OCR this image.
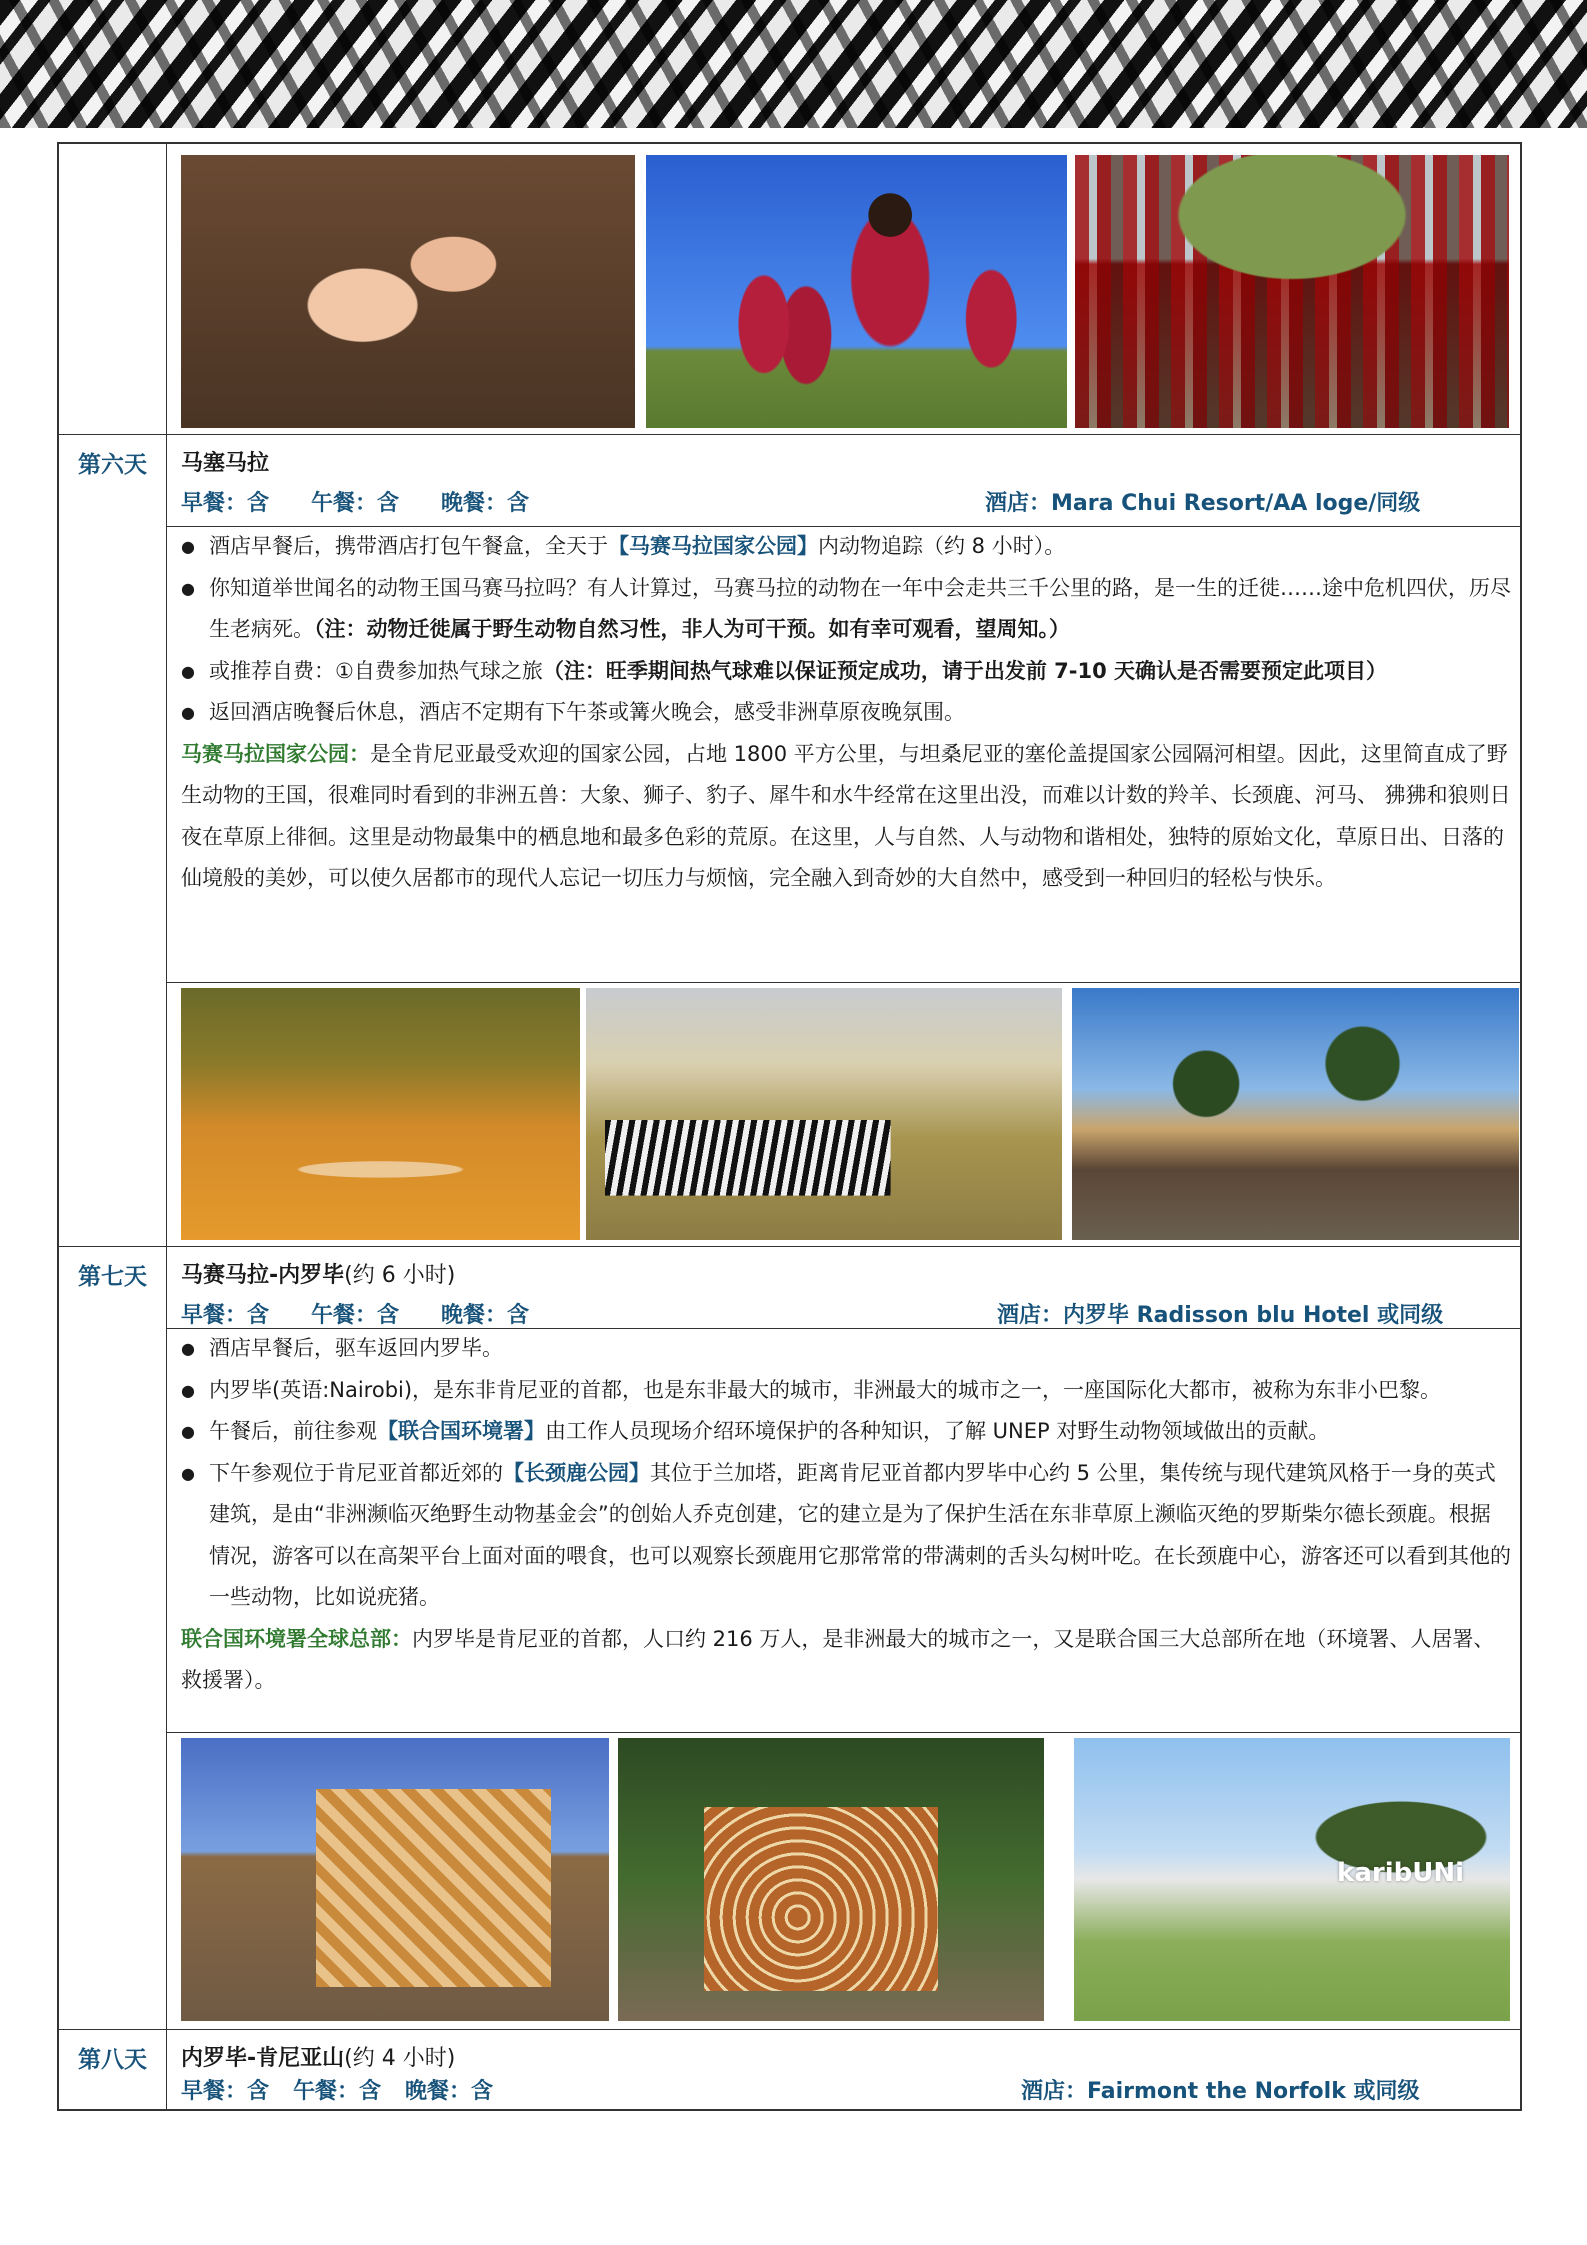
第六天	马塞马拉
早餐：含 午餐：含 晚餐：含	酒店：Mara Chui Resort/AA loge/同级
● 酒店早餐后，携带酒店打包午餐盒，全天于【马赛马拉国家公园】内动物追踪（约 8 小时）。
● 你知道举世闻名的动物王国马赛马拉吗？有人计算过，马赛马拉的动物在一年中会走共三千公里的路，是一生的迁徙……途中危机四伏，历尽生老病死。（注：动物迁徙属于野生动物自然习性，非人为可干预。如有幸可观看，望周知。）
● 或推荐自费：①自费参加热气球之旅（注：旺季期间热气球难以保证预定成功，请于出发前 7-10 天确认是否需要预定此项目）
● 返回酒店晚餐后休息，酒店不定期有下午茶或篝火晚会，感受非洲草原夜晚氛围。
马赛马拉国家公园：是全肯尼亚最受欢迎的国家公园，占地 1800 平方公里，与坦桑尼亚的塞伦盖提国家公园隔河相望。因此，这里简直成了野生动物的王国，很难同时看到的非洲五兽：大象、狮子、豹子、犀牛和水牛经常在这里出没，而难以计数的羚羊、长颈鹿、河马、 狒狒和狼则日夜在草原上徘徊。这里是动物最集中的栖息地和最多色彩的荒原。在这里，人与自然、人与动物和谐相处，独特的原始文化，草原日出、日落的仙境般的美妙，可以使久居都市的现代人忘记一切压力与烦恼，完全融入到奇妙的大自然中，感受到一种回归的轻松与快乐。
第七天	马赛马拉-内罗毕(约 6 小时)
早餐：含 午餐：含 晚餐：含	酒店：内罗毕 Radisson blu Hotel 或同级
● 酒店早餐后，驱车返回内罗毕。
● 内罗毕(英语:Nairobi)，是东非肯尼亚的首都，也是东非最大的城市，非洲最大的城市之一，一座国际化大都市，被称为东非小巴黎。
● 午餐后，前往参观【联合国环境署】由工作人员现场介绍环境保护的各种知识，了解 UNEP 对野生动物领域做出的贡献。
● 下午参观位于肯尼亚首都近郊的【长颈鹿公园】其位于兰加塔，距离肯尼亚首都内罗毕中心约 5 公里，集传统与现代建筑风格于一身的英式建筑，是由“非洲濒临灭绝野生动物基金会”的创始人乔克创建，它的建立是为了保护生活在东非草原上濒临灭绝的罗斯柴尔德长颈鹿。根据情况，游客可以在高架平台上面对面的喂食，也可以观察长颈鹿用它那常常的带满刺的舌头勾树叶吃。在长颈鹿中心，游客还可以看到其他的一些动物，比如说疣猪。
联合国环境署全球总部：内罗毕是肯尼亚的首都，人口约 216 万人，是非洲最大的城市之一，又是联合国三大总部所在地（环境署、人居署、救援署）。
karibUNi
第八天	内罗毕-肯尼亚山(约 4 小时)
早餐：含 午餐：含 晚餐：含	酒店：Fairmont the Norfolk 或同级
